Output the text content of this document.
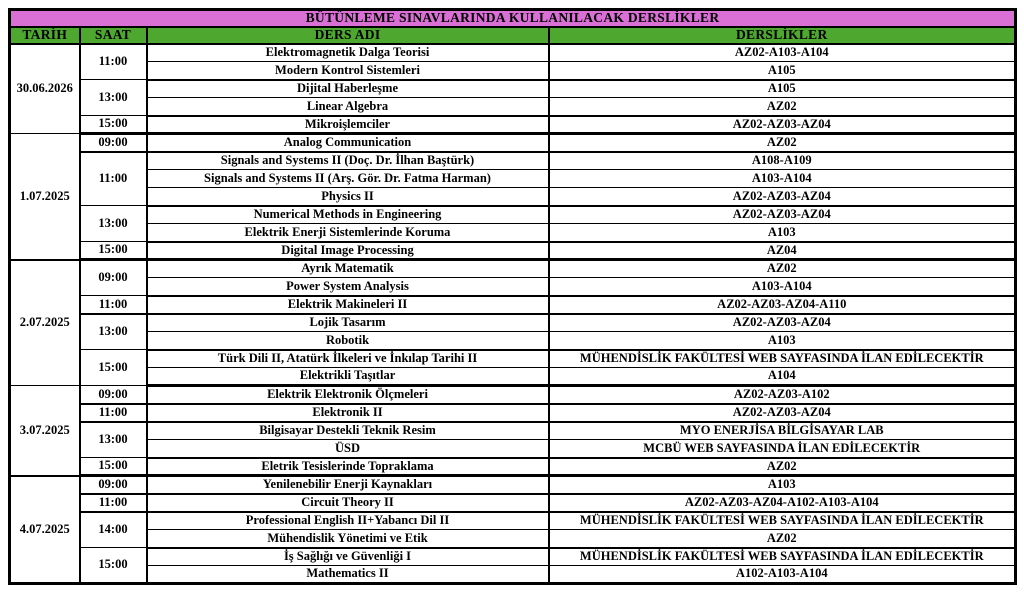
BÜTÜNLEME SINAVLARINDA KULLANILACAK DERSLİKLER			
TARİH	SAAT	DERS ADI	DERSLİKLER
30.06.2026	11:00	Elektromagnetik Dalga Teorisi	AZ02-A103-A104
		Modern Kontrol Sistemleri	A105
	13:00	Dijital Haberleşme	A105
		Linear Algebra	AZ02
	15:00	Mikroişlemciler	AZ02-AZ03-AZ04
1.07.2025	09:00	Analog Communication	AZ02
	11:00	Signals and Systems II (Doç. Dr. İlhan Baştürk)	A108-A109
		Signals and Systems II (Arş. Gör. Dr. Fatma Harman)	A103-A104
		Physics II	AZ02-AZ03-AZ04
	13:00	Numerical Methods in Engineering	AZ02-AZ03-AZ04
		Elektrik Enerji Sistemlerinde Koruma	A103
	15:00	Digital Image Processing	AZ04
2.07.2025	09:00	Ayrık Matematik	AZ02
		Power System Analysis	A103-A104
	11:00	Elektrik Makineleri II	AZ02-AZ03-AZ04-A110
	13:00	Lojik Tasarım	AZ02-AZ03-AZ04
		Robotik	A103
	15:00	Türk Dili II, Atatürk İlkeleri ve İnkılap Tarihi II	MÜHENDİSLİK FAKÜLTESİ WEB SAYFASINDA İLAN EDİLECEKTİR
		Elektrikli Taşıtlar	A104
3.07.2025	09:00	Elektrik Elektronik Ölçmeleri	AZ02-AZ03-A102
	11:00	Elektronik II	AZ02-AZ03-AZ04
	13:00	Bilgisayar Destekli Teknik Resim	MYO ENERJİSA BİLGİSAYAR LAB
		ÜSD	MCBÜ WEB SAYFASINDA İLAN EDİLECEKTİR
	15:00	Eletrik Tesislerinde Topraklama	AZ02
4.07.2025	09:00	Yenilenebilir Enerji Kaynakları	A103
	11:00	Circuit Theory II	AZ02-AZ03-AZ04-A102-A103-A104
	14:00	Professional English II+Yabancı Dil II	MÜHENDİSLİK FAKÜLTESİ WEB SAYFASINDA İLAN EDİLECEKTİR
		Mühendislik Yönetimi ve Etik	AZ02
	15:00	İş Sağlığı ve Güvenliği I	MÜHENDİSLİK FAKÜLTESİ WEB SAYFASINDA İLAN EDİLECEKTİR
		Mathematics II	A102-A103-A104
